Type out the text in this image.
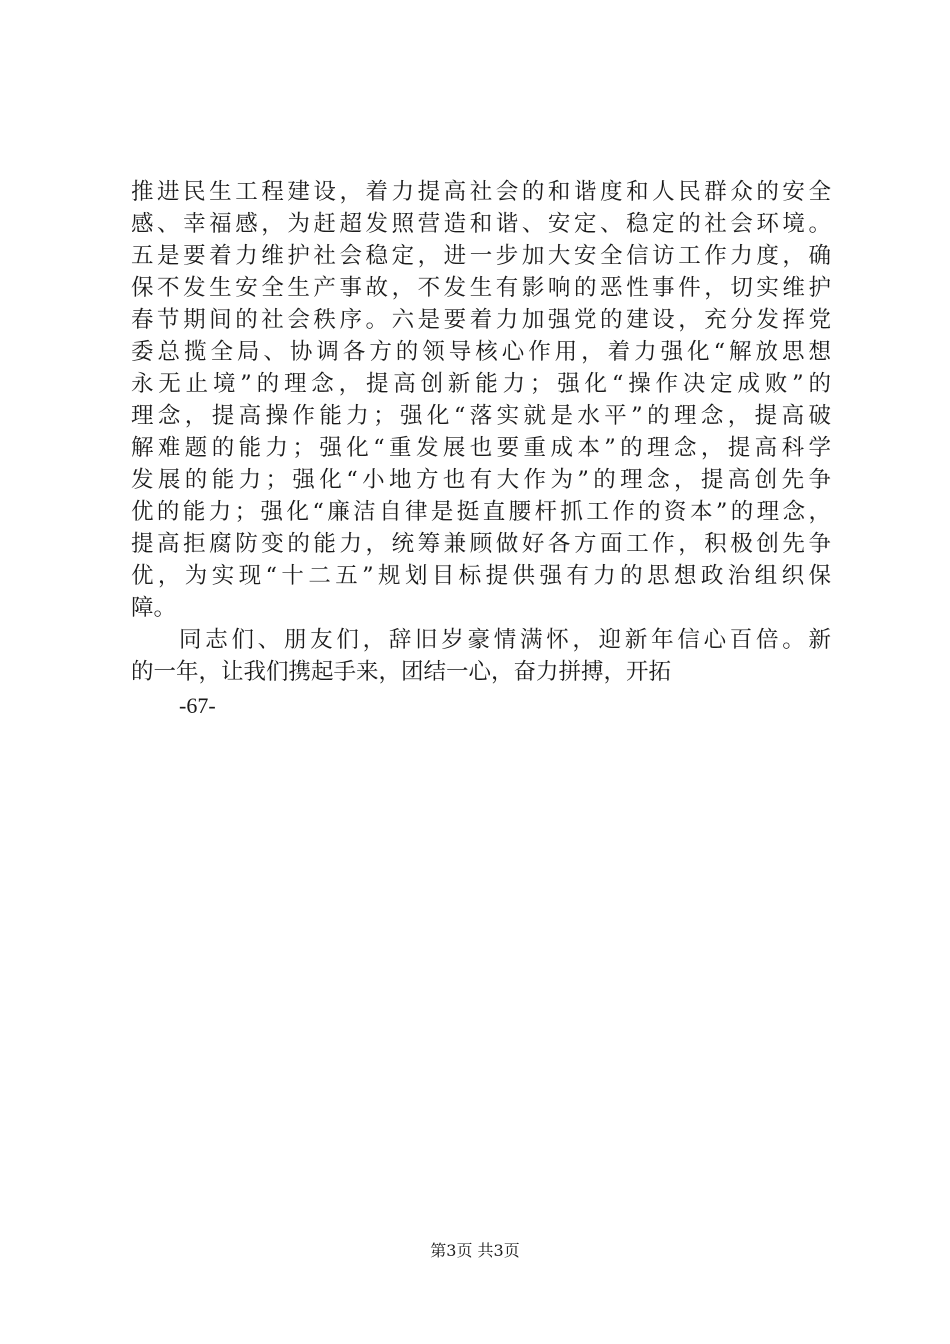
推进民生工程建设，着力提高社会的和谐度和人民群众的安全
感、幸福感，为赶超发照营造和谐、安定、稳定的社会环境。
五是要着力维护社会稳定，进一步加大安全信访工作力度，确
保不发生安全生产事故，不发生有影响的恶性事件，切实维护
春节期间的社会秩序。六是要着力加强党的建设，充分发挥党
委总揽全局、协调各方的领导核心作用，着力强化“解放思想
永无止境”的理念，提高创新能力；强化“操作决定成败”的
理念，提高操作能力；强化“落实就是水平”的理念，提高破
解难题的能力；强化“重发展也要重成本”的理念，提高科学
发展的能力；强化“小地方也有大作为”的理念，提高创先争
优的能力；强化“廉洁自律是挺直腰杆抓工作的资本”的理念，
提高拒腐防变的能力，统筹兼顾做好各方面工作，积极创先争
优，为实现“十二五”规划目标提供强有力的思想政治组织保
障。
同志们、朋友们，辞旧岁豪情满怀，迎新年信心百倍。新
的一年，让我们携起手来，团结一心，奋力拼搏，开拓
-67-
第3页 共3页
